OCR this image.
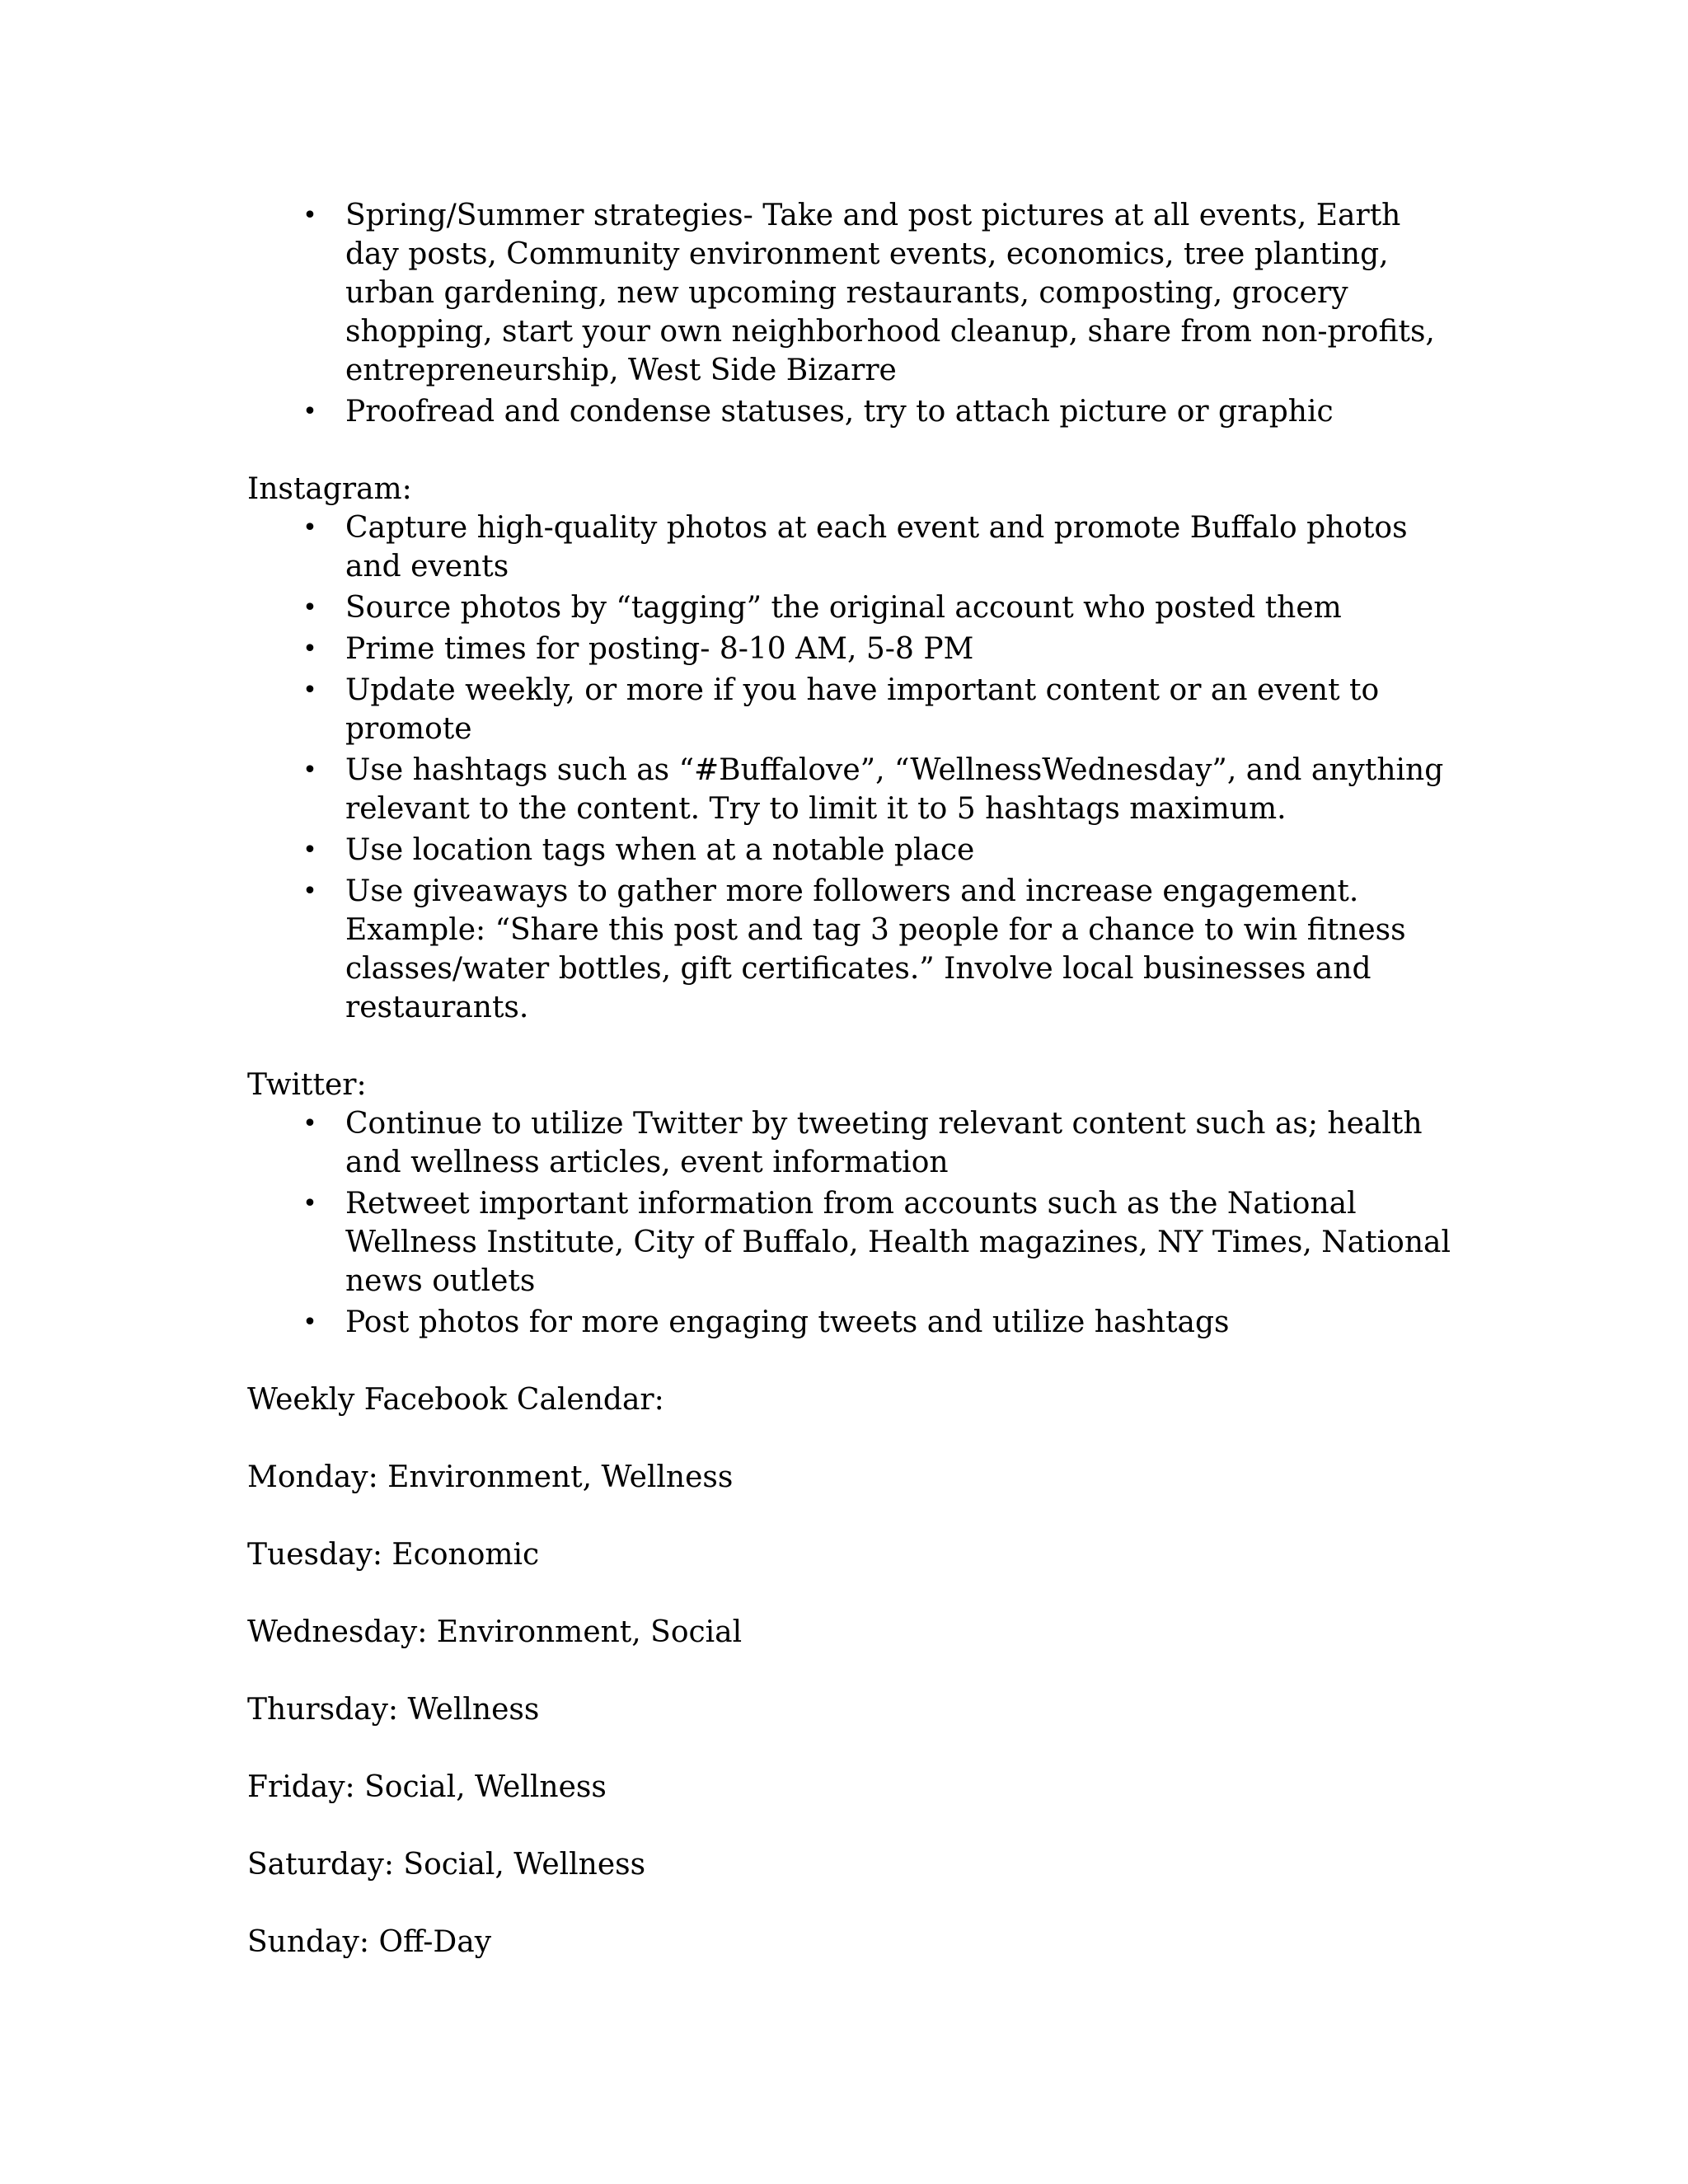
• Spring/Summer strategies- Take and post pictures at all events, Earth day posts, Community environment events, economics, tree planting, urban gardening, new upcoming restaurants, composting, grocery shopping, start your own neighborhood cleanup, share from non-profits, entrepreneurship, West Side Bizarre
• Proofread and condense statuses, try to attach picture or graphic
Instagram:
• Capture high-quality photos at each event and promote Buffalo photos and events
• Source photos by “tagging” the original account who posted them
• Prime times for posting- 8-10 AM, 5-8 PM
• Update weekly, or more if you have important content or an event to promote
• Use hashtags such as “#Buffalove”, “WellnessWednesday”, and anything relevant to the content. Try to limit it to 5 hashtags maximum.
• Use location tags when at a notable place
• Use giveaways to gather more followers and increase engagement. Example: “Share this post and tag 3 people for a chance to win fitness classes/water bottles, gift certificates.” Involve local businesses and restaurants.
Twitter:
• Continue to utilize Twitter by tweeting relevant content such as; health and wellness articles, event information
• Retweet important information from accounts such as the National Wellness Institute, City of Buffalo, Health magazines, NY Times, National news outlets
• Post photos for more engaging tweets and utilize hashtags
Weekly Facebook Calendar:
Monday: Environment, Wellness
Tuesday: Economic
Wednesday: Environment, Social
Thursday: Wellness
Friday: Social, Wellness
Saturday: Social, Wellness
Sunday: Off-Day
